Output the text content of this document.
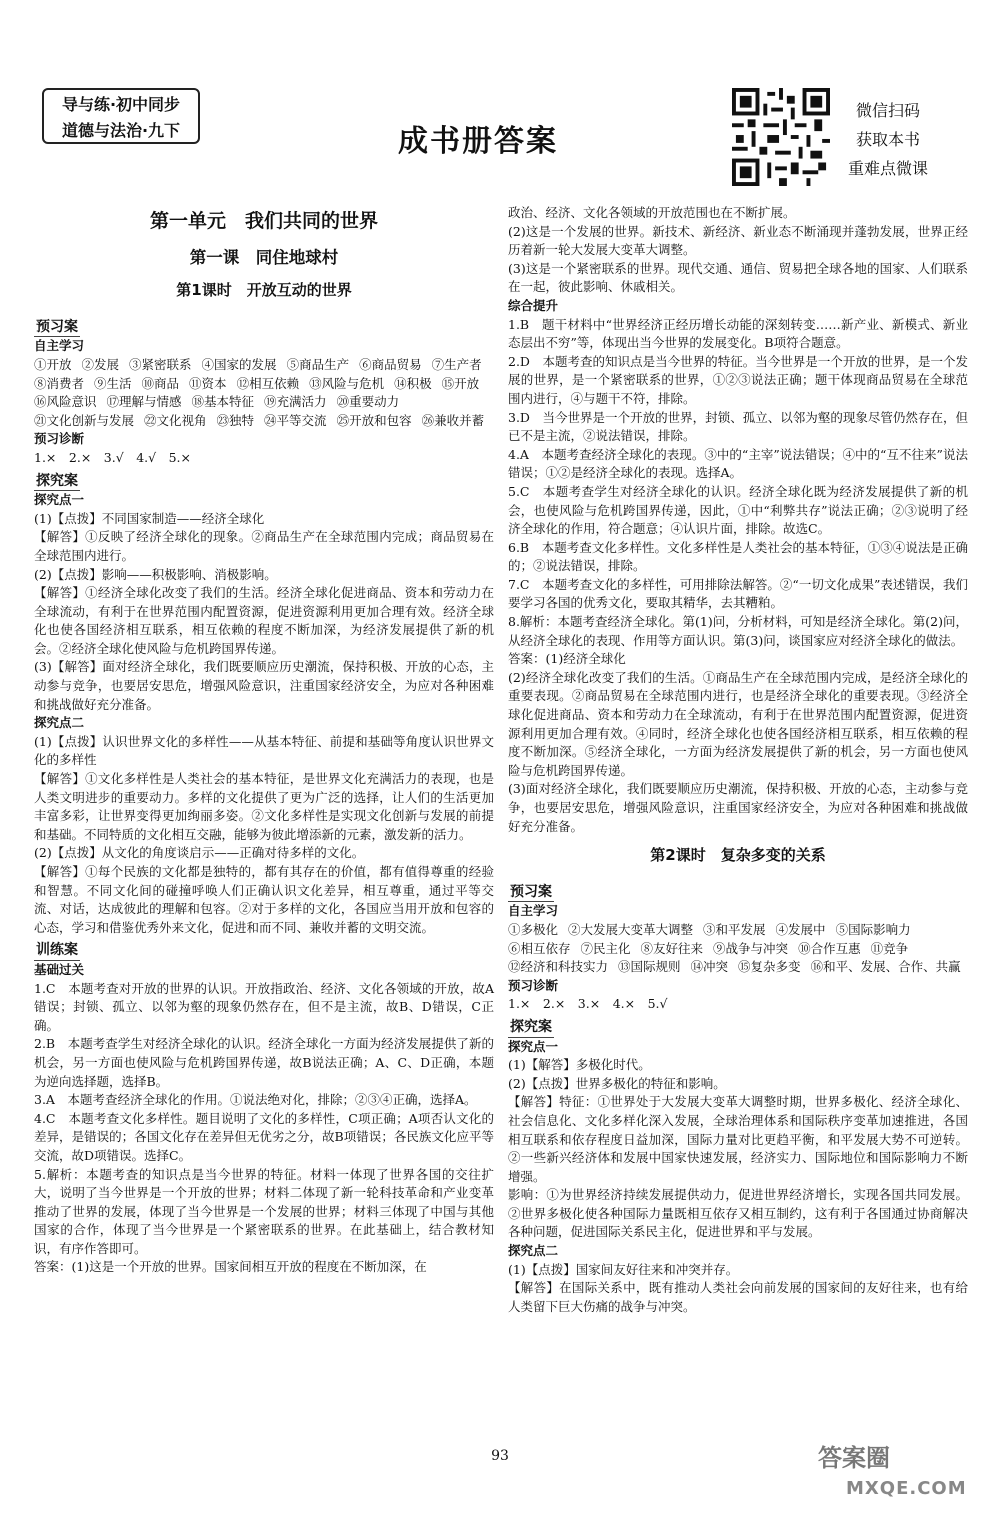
导与练·初中同步
道德与法治·九下	成书册答案
微信扫码
获取本书
重难点微课
第一单元　我们共同的世界
第一课　同住地球村
第1课时　开放互动的世界
预习案
自主学习
①开放 ②发展 ③紧密联系 ④国家的发展 ⑤商品生产 ⑥商品贸易 ⑦生产者
⑧消费者 ⑨生活 ⑩商品 ⑪资本 ⑫相互依赖 ⑬风险与危机 ⑭积极 ⑮开放
⑯风险意识 ⑰理解与情感 ⑱基本特征 ⑲充满活力 ⑳重要动力
㉑文化创新与发展 ㉒文化视角 ㉓独特 ㉔平等交流 ㉕开放和包容 ㉖兼收并蓄
预习诊断

1.×　2.×　3.√　4.√　5.×

探究案
探究点一

(1)【点拨】不同国家制造——经济全球化

【解答】①反映了经济全球化的现象。②商品生产在全球范围内完成；商品贸易在全球范围内进行。

(2)【点拨】影响——积极影响、消极影响。

【解答】①经济全球化改变了我们的生活。经济全球化促进商品、资本和劳动力在全球流动，有利于在世界范围内配置资源，促进资源利用更加合理有效。经济全球化也使各国经济相互联系，相互依赖的程度不断加深，为经济发展提供了新的机会。②经济全球化使风险与危机跨国界传递。

(3)【解答】面对经济全球化，我们既要顺应历史潮流，保持积极、开放的心态，主动参与竞争，也要居安思危，增强风险意识，注重国家经济安全，为应对各种困难和挑战做好充分准备。

探究点二

(1)【点拨】认识世界文化的多样性——从基本特征、前提和基础等角度认识世界文化的多样性

【解答】①文化多样性是人类社会的基本特征，是世界文化充满活力的表现，也是人类文明进步的重要动力。多样的文化提供了更为广泛的选择，让人们的生活更加丰富多彩，让世界变得更加绚丽多姿。②文化多样性是实现文化创新与发展的前提和基础。不同特质的文化相互交融，能够为彼此增添新的元素，激发新的活力。

(2)【点拨】从文化的角度谈启示——正确对待多样的文化。

【解答】①每个民族的文化都是独特的，都有其存在的价值，都有值得尊重的经验和智慧。不同文化间的碰撞呼唤人们正确认识文化差异，相互尊重，通过平等交流、对话，达成彼此的理解和包容。②对于多样的文化，各国应当用开放和包容的心态，学习和借鉴优秀外来文化，促进和而不同、兼收并蓄的文明交流。

训练案
基础过关

1.C　本题考查对开放的世界的认识。开放指政治、经济、文化各领域的开放，故A错误；封锁、孤立、以邻为壑的现象仍然存在，但不是主流，故B、D错误，C正确。

2.B　本题考查学生对经济全球化的认识。经济全球化一方面为经济发展提供了新的机会，另一方面也使风险与危机跨国界传递，故B说法正确；A、C、D正确，本题为逆向选择题，选择B。

3.A　本题考查经济全球化的作用。①说法绝对化，排除；②③④正确，选择A。

4.C　本题考查文化多样性。题目说明了文化的多样性，C项正确；A项否认文化的差异，是错误的；各国文化存在差异但无优劣之分，故B项错误；各民族文化应平等交流，故D项错误。选择C。

5.解析：本题考查的知识点是当今世界的特征。材料一体现了世界各国的交往扩大，说明了当今世界是一个开放的世界；材料二体现了新一轮科技革命和产业变革推动了世界的发展，体现了当今世界是一个发展的世界；材料三体现了中国与其他国家的合作，体现了当今世界是一个紧密联系的世界。在此基础上，结合教材知识，有序作答即可。

答案：(1)这是一个开放的世界。国家间相互开放的程度在不断加深，在

政治、经济、文化各领域的开放范围也在不断扩展。

(2)这是一个发展的世界。新技术、新经济、新业态不断涌现并蓬勃发展，世界正经历着新一轮大发展大变革大调整。

(3)这是一个紧密联系的世界。现代交通、通信、贸易把全球各地的国家、人们联系在一起，彼此影响、休戚相关。

综合提升

1.B　题干材料中“世界经济正经历增长动能的深刻转变……新产业、新模式、新业态层出不穷”等，体现出当今世界的发展变化。B项符合题意。

2.D　本题考查的知识点是当今世界的特征。当今世界是一个开放的世界，是一个发展的世界，是一个紧密联系的世界，①②③说法正确；题干体现商品贸易在全球范围内进行，④与题干不符，排除。

3.D　当今世界是一个开放的世界，封锁、孤立、以邻为壑的现象尽管仍然存在，但已不是主流，②说法错误，排除。

4.A　本题考查经济全球化的表现。③中的“主宰”说法错误；④中的“互不往来”说法错误；①②是经济全球化的表现。选择A。

5.C　本题考查学生对经济全球化的认识。经济全球化既为经济发展提供了新的机会，也使风险与危机跨国界传递，因此，①中“利弊共存”说法正确；②③说明了经济全球化的作用，符合题意；④认识片面，排除。故选C。

6.B　本题考查文化多样性。文化多样性是人类社会的基本特征，①③④说法是正确的；②说法错误，排除。

7.C　本题考查文化的多样性，可用排除法解答。②“一切文化成果”表述错误，我们要学习各国的优秀文化，要取其精华，去其糟粕。

8.解析：本题考查经济全球化。第(1)问，分析材料，可知是经济全球化。第(2)问，从经济全球化的表现、作用等方面认识。第(3)问，谈国家应对经济全球化的做法。

答案：(1)经济全球化

(2)经济全球化改变了我们的生活。①商品生产在全球范围内完成，是经济全球化的重要表现。②商品贸易在全球范围内进行，也是经济全球化的重要表现。③经济全球化促进商品、资本和劳动力在全球流动，有利于在世界范围内配置资源，促进资源利用更加合理有效。④同时，经济全球化也使各国经济相互联系，相互依赖的程度不断加深。⑤经济全球化，一方面为经济发展提供了新的机会，另一方面也使风险与危机跨国界传递。

(3)面对经济全球化，我们既要顺应历史潮流，保持积极、开放的心态，主动参与竞争，也要居安思危，增强风险意识，注重国家经济安全，为应对各种困难和挑战做好充分准备。

第2课时　复杂多变的关系
预习案
自主学习
①多极化 ②大发展大变革大调整 ③和平发展 ④发展中 ⑤国际影响力
⑥相互依存 ⑦民主化 ⑧友好往来 ⑨战争与冲突 ⑩合作互惠 ⑪竞争
⑫经济和科技实力 ⑬国际规则 ⑭冲突 ⑮复杂多变 ⑯和平、发展、合作、共赢
预习诊断

1.×　2.×　3.×　4.×　5.√

探究案
探究点一

(1)【解答】多极化时代。

(2)【点拨】世界多极化的特征和影响。

【解答】特征：①世界处于大发展大变革大调整时期，世界多极化、经济全球化、社会信息化、文化多样化深入发展，全球治理体系和国际秩序变革加速推进，各国相互联系和依存程度日益加深，国际力量对比更趋平衡，和平发展大势不可逆转。②一些新兴经济体和发展中国家快速发展，经济实力、国际地位和国际影响力不断增强。

影响：①为世界经济持续发展提供动力，促进世界经济增长，实现各国共同发展。②世界多极化使各种国际力量既相互依存又相互制约，这有利于各国通过协商解决各种问题，促进国际关系民主化，促进世界和平与发展。

探究点二

(1)【点拨】国家间友好往来和冲突并存。

【解答】在国际关系中，既有推动人类社会向前发展的国家间的友好往来，也有给人类留下巨大伤痛的战争与冲突。

93	答案圈
MXQE.COM
